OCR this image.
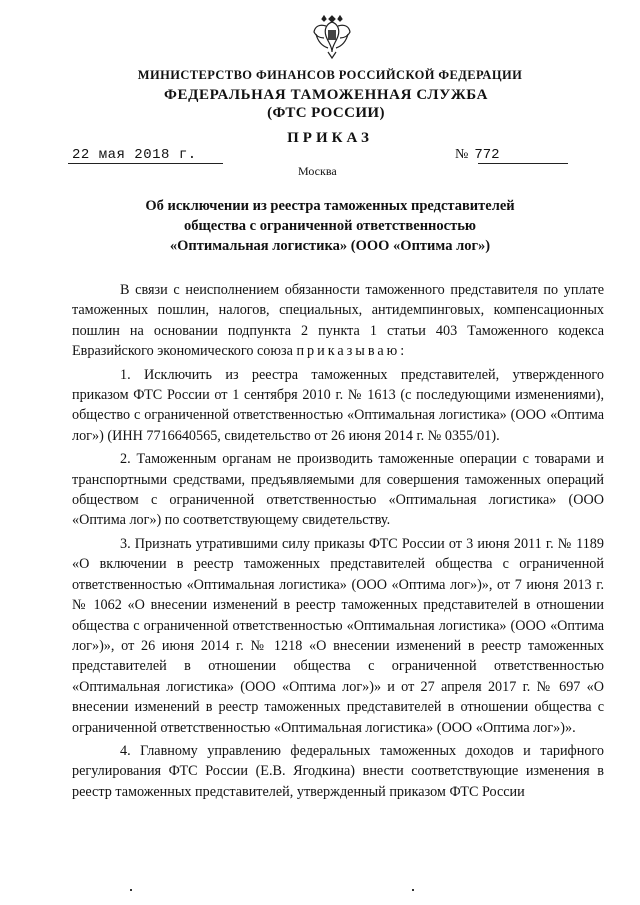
МИНИСТЕРСТВО ФИНАНСОВ РОССИЙСКОЙ ФЕДЕРАЦИИ
ФЕДЕРАЛЬНАЯ ТАМОЖЕННАЯ СЛУЖБА
(ФТС РОССИИ)
ПРИКАЗ
22 мая 2018 г.
Москва
№ 772
Об исключении из реестра таможенных представителей
общества с ограниченной ответственностью
«Оптимальная логистика» (ООО «Оптима лог»)

В связи с неисполнением обязанности таможенного представителя по уплате таможенных пошлин, налогов, специальных, антидемпинговых, компенсационных пошлин на основании подпункта 2 пункта 1 статьи 403 Таможенного кодекса Евразийского экономического союза приказываю:

1. Исключить из реестра таможенных представителей, утвержденного приказом ФТС России от 1 сентября 2010 г. № 1613 (с последующими изменениями), общество с ограниченной ответственностью «Оптимальная логистика» (ООО «Оптима лог») (ИНН 7716640565, свидетельство от 26 июня 2014 г. № 0355/01).

2. Таможенным органам не производить таможенные операции с товарами и транспортными средствами, предъявляемыми для совершения таможенных операций обществом с ограниченной ответственностью «Оптимальная логистика» (ООО «Оптима лог») по соответствующему свидетельству.

3. Признать утратившими силу приказы ФТС России от 3 июня 2011 г. № 1189 «О включении в реестр таможенных представителей общества с ограниченной ответственностью «Оптимальная логистика» (ООО «Оптима лог»)», от 7 июня 2013 г. № 1062 «О внесении изменений в реестр таможенных представителей в отношении общества с ограниченной ответственностью «Оптимальная логистика» (ООО «Оптима лог»)», от 26 июня 2014 г. № 1218 «О внесении изменений в реестр таможенных представителей в отношении общества с ограниченной ответственностью «Оптимальная логистика» (ООО «Оптима лог»)» и от 27 апреля 2017 г. № 697 «О внесении изменений в реестр таможенных представителей в отношении общества с ограниченной ответственностью «Оптимальная логистика» (ООО «Оптима лог»)».

4. Главному управлению федеральных таможенных доходов и тарифного регулирования ФТС России (Е.В. Ягодкина) внести соответствующие изменения в реестр таможенных представителей, утвержденный приказом ФТС России
